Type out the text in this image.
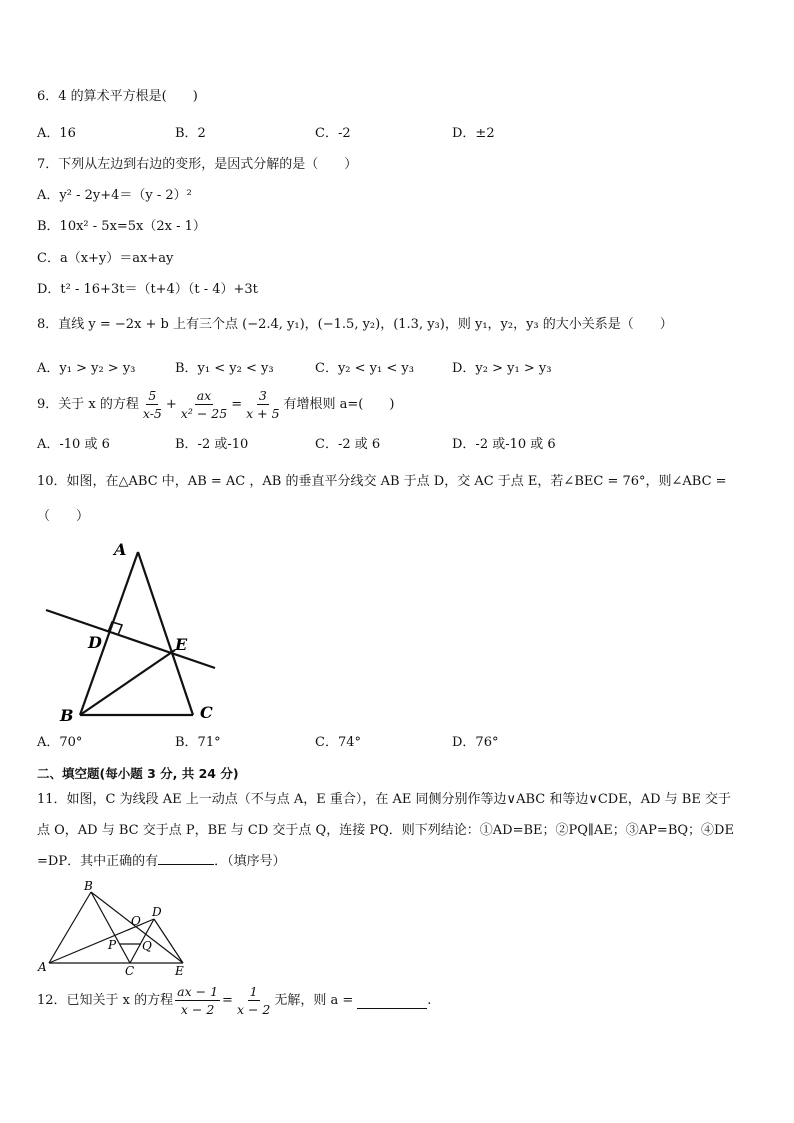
6．4 的算术平方根是(　　)
A．16	B．2	C．-2	D．±2
7．下列从左边到右边的变形，是因式分解的是（　　）
A．y² - 2y+4＝（y - 2）²
B．10x² - 5x=5x（2x - 1）
C．a（x+y）＝ax+ay
D．t² - 16+3t＝（t+4）（t - 4）+3t
8．直线 y = −2x + b 上有三个点 (−2.4, y₁)，(−1.5, y₂)，(1.3, y₃)，则 y₁，y₂，y₃ 的大小关系是（　　）
A．y₁ > y₂ > y₃	B．y₁ < y₂ < y₃	C．y₂ < y₁ < y₃	D．y₂ > y₁ > y₃
9．关于 x 的方程 $\frac{5}{x-5} + \frac{ax}{\text{x² − 25}} = \frac{3}{x + 5}$ 有增根则 a=(　　)
A．-10 或 6	B．-2 或-10	C．-2 或 6	D．-2 或-10 或 6
10．如图，在△ABC 中，AB = AC ，AB 的垂直平分线交 AB 于点 D，交 AC 于点 E，若∠BEC = 76°，则∠ABC =
（　　）
A
D	E
B	C
A．70°	B．71°	C．74°	D．76°
二、填空题(每小题 3 分, 共 24 分)
11．如图，C 为线段 AE 上一动点（不与点 A，E 重合），在 AE 同侧分别作等边∨ABC 和等边∨CDE，AD 与 BE 交于
点 O，AD 与 BC 交于点 P，BE 与 CD 交于点 Q，连接 PQ．则下列结论：①AD=BE；②PQ∥AE；③AP=BQ；④DE
=DP．其中正确的有	．（填序号）
B
D
O
P Q
A	C	E
12．已知关于 x 的方程 $\frac{ax - 1}{x - 2} = \frac{1}{x - 2}$ 无解，则 a =	.
